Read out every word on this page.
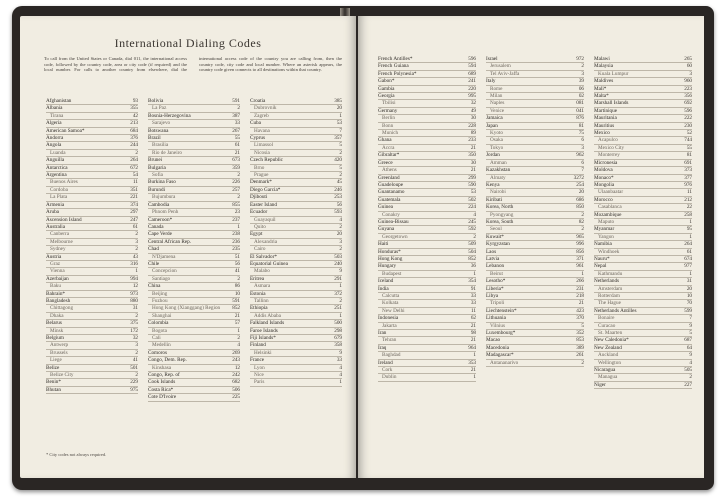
International Dialing Codes
To call from the United States or Canada, dial 011, the international access code, followed by the country code, area or city code (if required) and the local number. For calls to another country from elsewhere, dial the international access code of the country you are calling from, then the country code, city code and local number. Where an asterisk appears, the country code given connects to all destinations within that country.
Afghanistan	93
Albania	355
Tirana	42
Algeria	213
American Samoa*	684
Andorra	376
Angola	244
Luanda	2
Anguilla	264
Antarctica	672
Argentina	54
Buenos Aires	11
Cordoba	351
La Plata	221
Armenia	374
Aruba	297
Ascension Island	247
Australia	61
Canberra	2
Melbourne	3
Sydney	2
Austria	43
Graz	316
Vienna	1
Azerbaijan	994
Baku	12
Bahrain*	973
Bangladesh	880
Chittagong	31
Dhaka	2
Belarus	375
Minsk	172
Belgium	32
Antwerp	3
Brussels	2
Liege	41
Belize	501
Belize City	2
Benin*	229
Bhutan	975
Bolivia	591
La Paz	2
Bosnia-Herzegovina	387
Sarajevo	33
Botswana	267
Brazil	55
Brasilia	61
Rio de Janeiro	21
Brunei	673
Bulgaria	359
Sofia	2
Burkina Faso	226
Burundi	257
Bujumbura	2
Cambodia	855
Phnom Penh	23
Cameroon*	237
Canada	1
Cape Verde	238
Central African Rep.	236
Chad	235
N'Djamena	51
Chile	56
Concepcion	41
Santiago	2
China	86
Beijing	10
Fuzhou	591
Hong Kong (Xianggang) Region	852
Shanghai	21
Colombia	57
Bogota	1
Cali	2
Medellin	4
Comoros	269
Congo, Dem. Rep.	243
Kinshasa	12
Congo, Rep. of	242
Cook Islands	682
Costa Rica*	506
Cote D'Ivoire	225
Croatia	385
Dubrovnik	20
Zagreb	1
Cuba	53
Havana	7
Cyprus	357
Limassol	5
Nicosia	2
Czech Republic	420
Brno	5
Prague	2
Denmark*	45
Diego Garcia*	246
Djibouti	253
Easter Island	56
Ecuador	593
Guayaquil	4
Quito	2
Egypt	20
Alexandria	3
Cairo	2
El Salvador*	503
Equatorial Guinea	240
Malabo	9
Eritrea	291
Asmara	1
Estonia	372
Tallinn	2
Ethiopia	251
Addis Ababa	1
Falkland Islands	500
Faroe Islands	298
Fiji Islands*	679
Finland	358
Helsinki	9
France	33
Lyon	4
Nice	4
Paris	1
* City codes not always required.
French Antilles*	596
French Guiana	594
French Polynesia*	689
Gabon*	241
Gambia	220
Georgia	995
Tbilisi	32
Germany	49
Berlin	30
Bonn	228
Munich	89
Ghana	233
Accra	21
Gibraltar*	350
Greece	30
Athens	21
Greenland	299
Guadeloupe	590
Guantanamo	53
Guatemala	502
Guinea	224
Conakry	4
Guinea-Bissau	245
Guyana	592
Georgetown	2
Haiti	509
Honduras*	504
Hong Kong	852
Hungary	36
Budapest	1
Iceland	354
India	91
Calcutta	33
Kolkata	33
New Delhi	11
Indonesia	62
Jakarta	21
Iran	98
Tehran	21
Iraq	964
Baghdad	1
Ireland	353
Cork	21
Dublin	1
Israel	972
Jerusalem	2
Tel Aviv-Jaffa	3
Italy	39
Rome	06
Milan	02
Naples	081
Venice	041
Jamaica	876
Japan	81
Kyoto	75
Osaka	6
Tokyo	3
Jordan	962
Amman	6
Kazakhstan	7
Almaty	3272
Kenya	254
Nairobi	20
Kiribati	686
Korea, North	850
Pyongyang	2
Korea, South	82
Seoul	2
Kuwait*	965
Kyrgyzstan	996
Laos	856
Latvia	371
Lebanon	961
Beirut	1
Lesotho*	266
Liberia*	231
Libya	218
Tripoli	21
Liechtenstein*	423
Lithuania	370
Vilnius	5
Luxembourg*	352
Macao	853
Macedonia	389
Madagascar*	261
Antananarivo	2
Malawi	265
Malaysia	60
Kuala Lumpur	3
Maldives	960
Mali*	223
Malta*	356
Marshall Islands	692
Martinique	596
Mauritania	222
Mauritius	230
Mexico	52
Acapulco	744
Mexico City	55
Monterrey	81
Micronesia	691
Moldova	373
Monaco*	377
Mongolia	976
Ulaanbaatar	11
Morocco	212
Casablanca	22
Mozambique	258
Maputo	1
Myanmar	95
Yangon	1
Namibia	264
Windhoek	61
Nauru*	674
Nepal	977
Kathmandu	1
Netherlands	31
Amsterdam	20
Rotterdam	10
The Hague	70
Netherlands Antilles	599
Bonaire	7
Curacao	9
St. Maarten	5
New Caledonia*	687
New Zealand	64
Auckland	9
Wellington	4
Nicaragua	505
Managua	2
Niger	227
